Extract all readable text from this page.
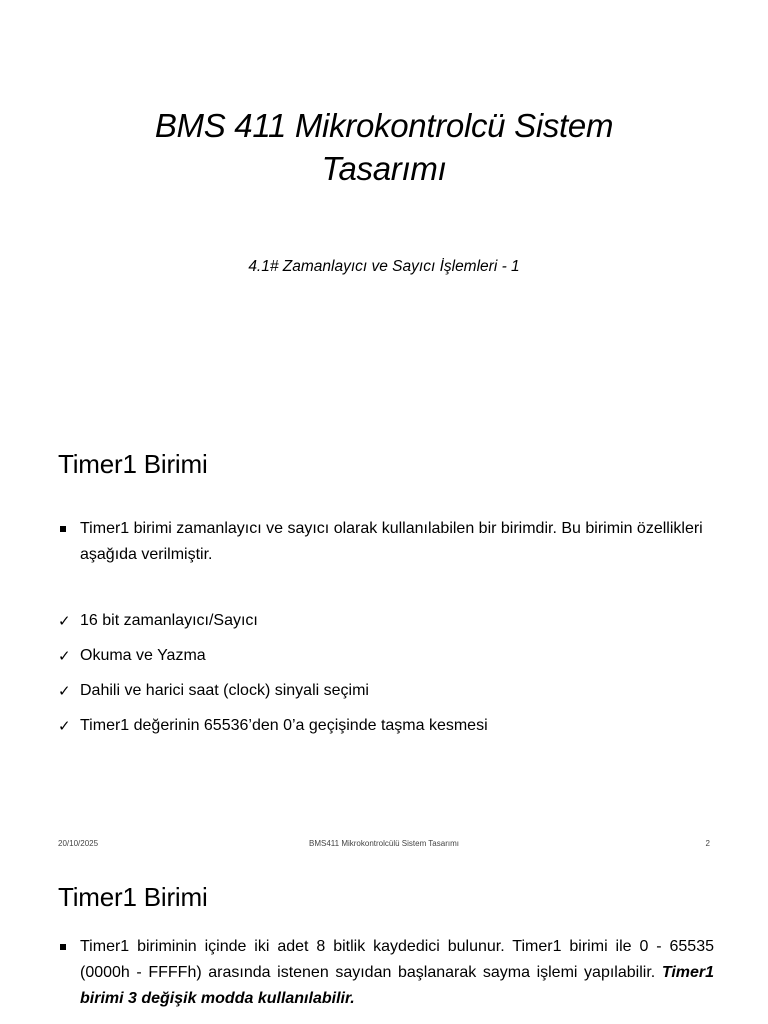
BMS 411 Mikrokontrolcü Sistem
Tasarımı
4.1# Zamanlayıcı ve Sayıcı İşlemleri - 1
Timer1 Birimi
Timer1 birimi zamanlayıcı ve sayıcı olarak kullanılabilen bir birimdir. Bu birimin özellikleri aşağıda verilmiştir.
✓ 16 bit zamanlayıcı/Sayıcı
✓ Okuma ve Yazma
✓ Dahili ve harici saat (clock) sinyali seçimi
✓ Timer1 değerinin 65536’den 0’a geçişinde taşma kesmesi
20/10/2025	BMS411 Mikrokontrolcülü Sistem Tasarımı	2
Timer1 Birimi
Timer1 biriminin içinde iki adet 8 bitlik kaydedici bulunur. Timer1 birimi ile 0 - 65535 (0000h - FFFFh) arasında istenen sayıdan başlanarak sayma işlemi yapılabilir. Timer1 birimi 3 değişik modda kullanılabilir.
